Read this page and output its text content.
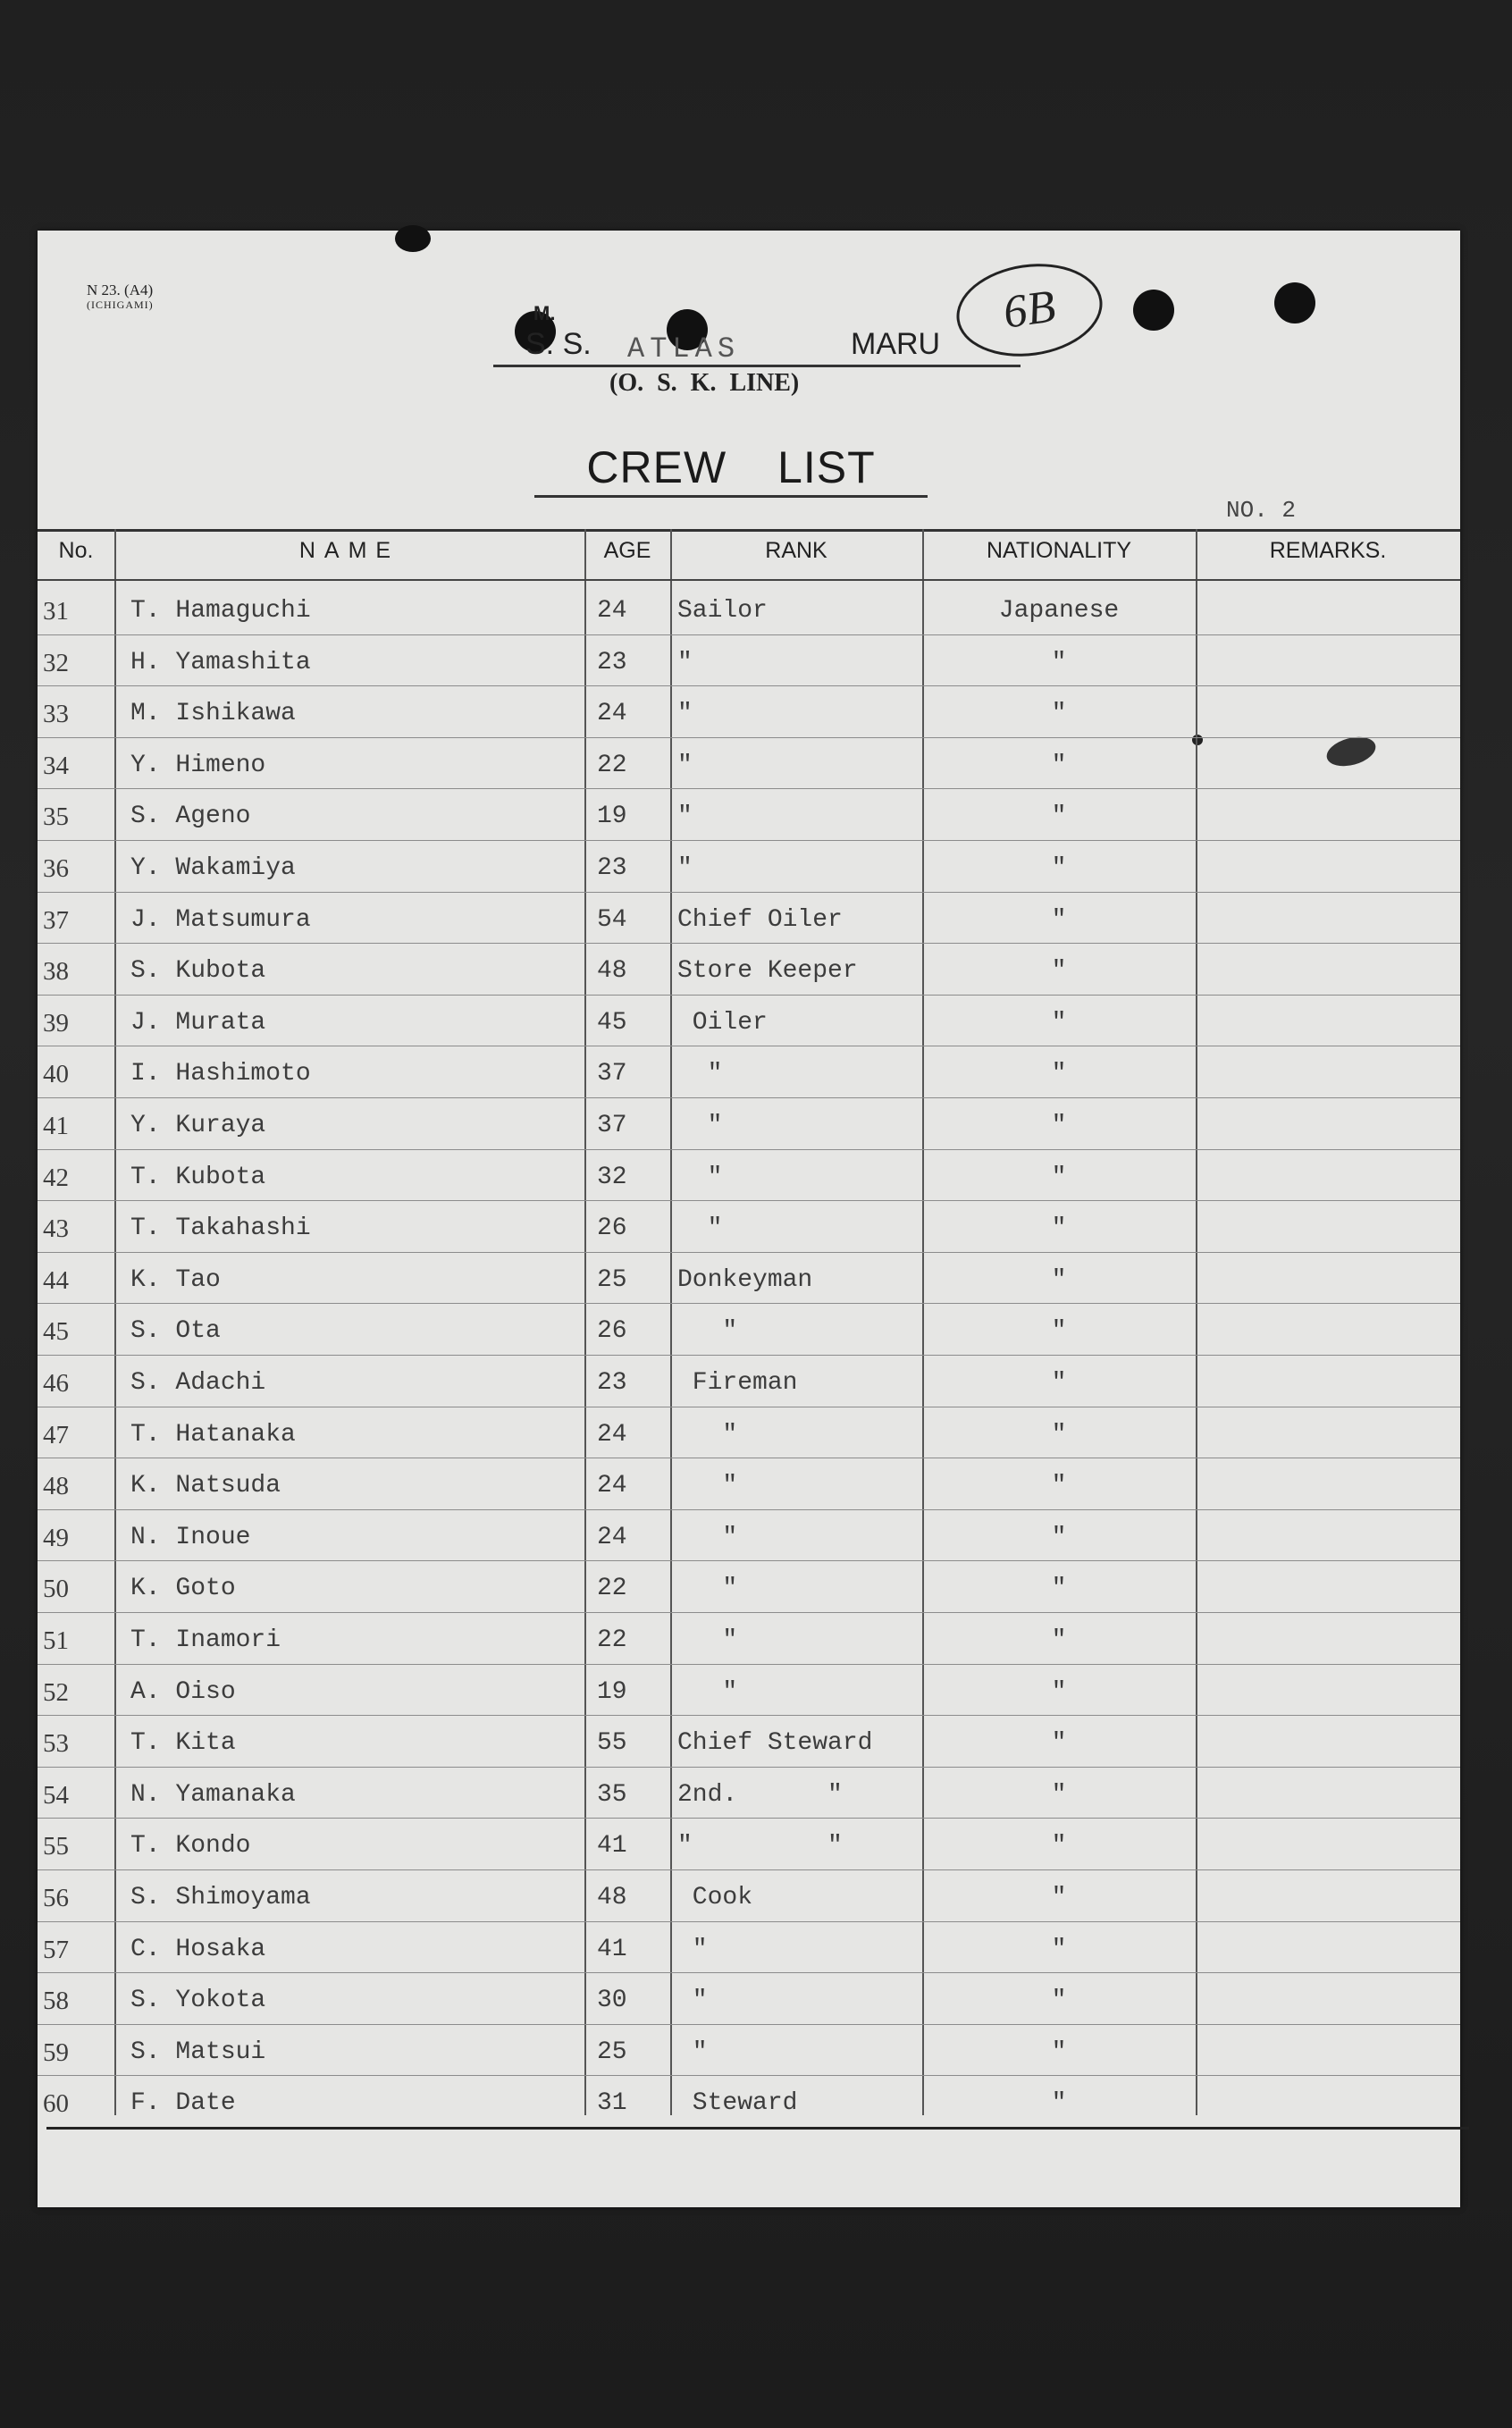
N 23. (A4)
(ICHIGAMI)	6B
M.
S. S. ATLAS	MARU
(O. S. K. LINE)
CREW LIST
NO. 2
No.	NAME	AGE	RANK	NATIONALITY	REMARKS.
31 T. Hamaguchi	24 Sailor	Japanese
32 H. Yamashita	23 "	"
33 M. Ishikawa	24 "	"
34 Y. Himeno	22 "	"
35 S. Ageno	19 "	"
36 Y. Wakamiya	23 "	"
37 J. Matsumura	54 Chief Oiler	"
38 S. Kubota	48 Store Keeper	"
39 J. Murata	45 Oiler	"
40 I. Hashimoto	37 "	"
41 Y. Kuraya	37 "	"
42 T. Kubota	32 "	"
43 T. Takahashi	26 "	"
44 K. Tao	25 Donkeyman	"
45 S. Ota	26 "	"
46 S. Adachi	23 Fireman	"
47 T. Hatanaka	24 "	"
48 K. Natsuda	24 "	"
49 N. Inoue	24 "	"
50 K. Goto	22 "	"
51 T. Inamori	22 "	"
52 A. Oiso	19 "	"
53 T. Kita	55 Chief Steward	"
54 N. Yamanaka	35 2nd.      "	"
55 T. Kondo	41 "         "	"
56 S. Shimoyama	48 Cook	"
57 C. Hosaka	41 "	"
58 S. Yokota	30 "	"
59 S. Matsui	25 "	"
60 F. Date	31 Steward	"
